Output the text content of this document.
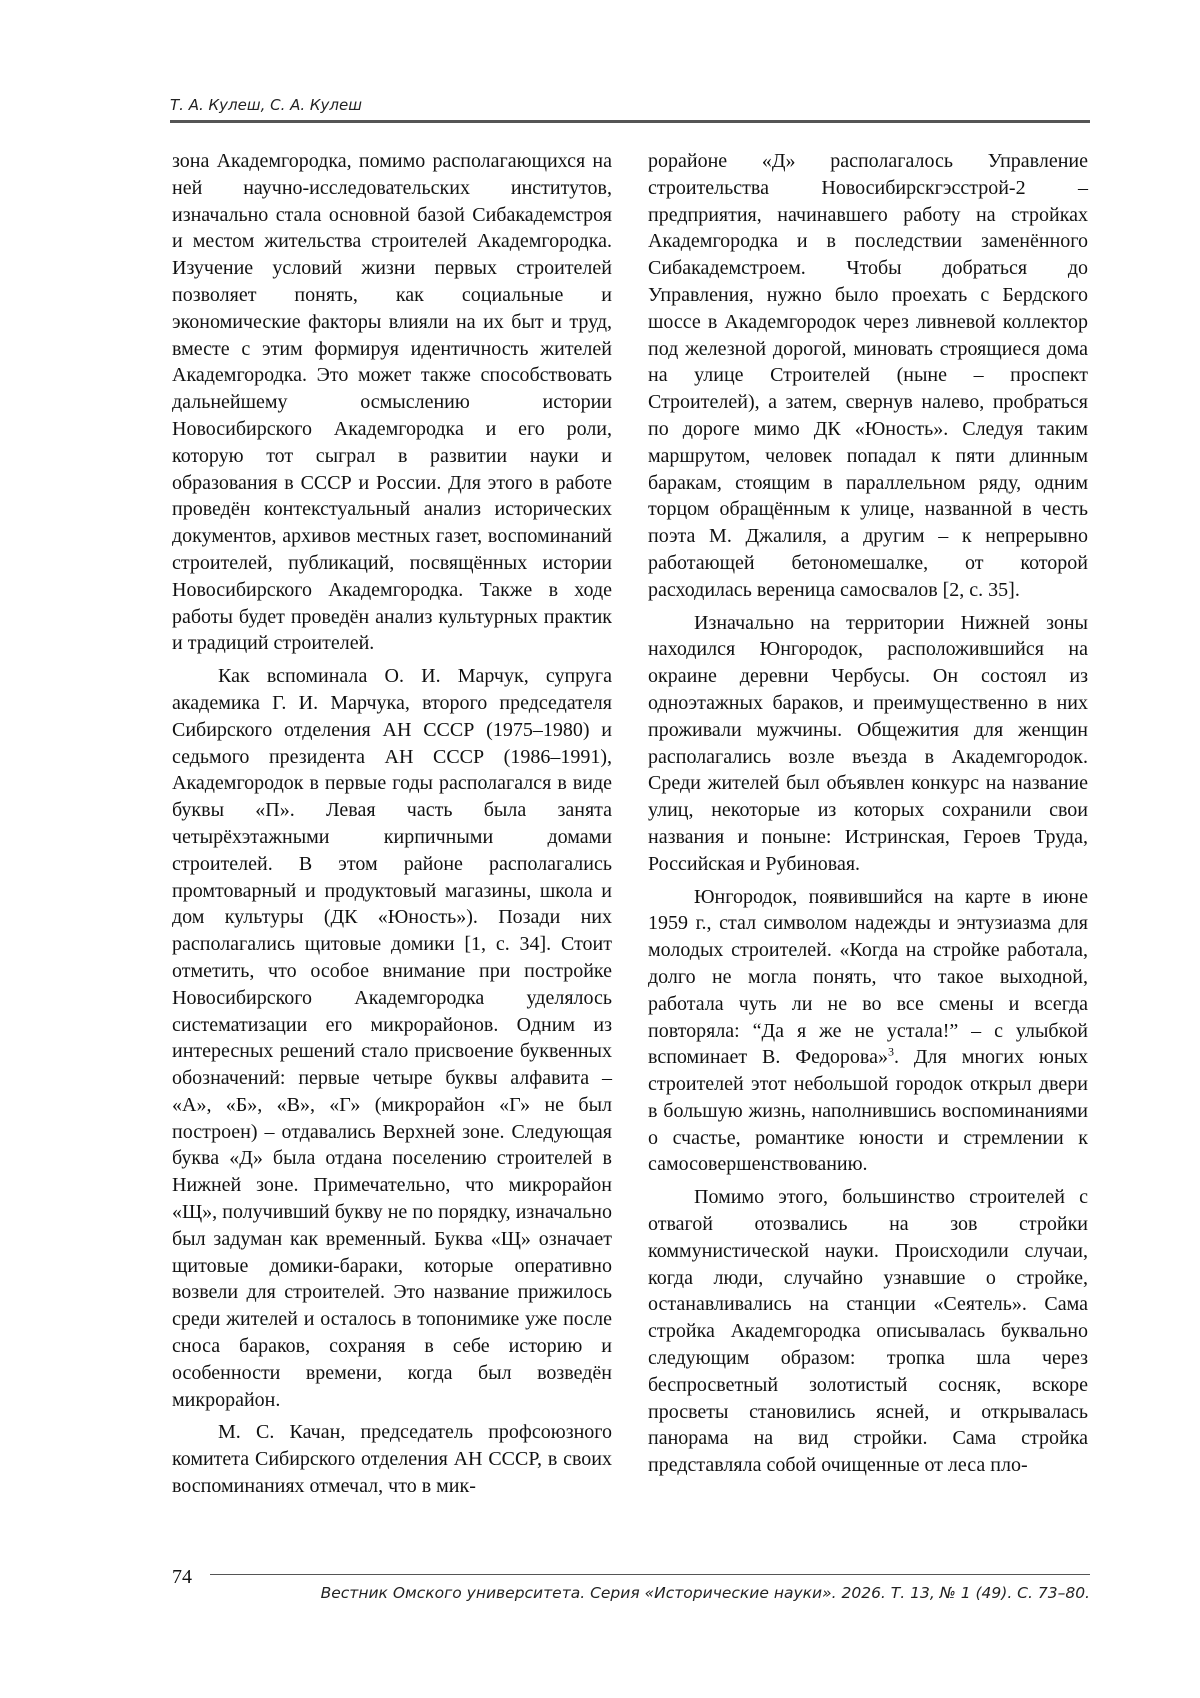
Т. А. Кулеш, С. А. Кулеш

зона Академгородка, помимо располагающихся на ней научно-исследовательских институтов, изначально стала основной базой Сибакадемстроя и местом жительства строителей Академгородка. Изучение условий жизни первых строителей позволяет понять, как социальные и экономические факторы влияли на их быт и труд, вместе с этим формируя идентичность жителей Академгородка. Это может также способствовать дальнейшему осмыслению истории Новосибирского Академгородка и его роли, которую тот сыграл в развитии науки и образования в СССР и России. Для этого в работе проведён контекстуальный анализ исторических документов, архивов местных газет, воспоминаний строителей, публикаций, посвящённых истории Новосибирского Академгородка. Также в ходе работы будет проведён анализ культурных практик и традиций строителей.

Как вспоминала О. И. Марчук, супруга академика Г. И. Марчука, второго председателя Сибирского отделения АН СССР (1975–1980) и седьмого президента АН СССР (1986–1991), Академгородок в первые годы располагался в виде буквы «П». Левая часть была занята четырёхэтажными кирпичными домами строителей. В этом районе располагались промтоварный и продуктовый магазины, школа и дом культуры (ДК «Юность»). Позади них располагались щитовые домики [1, с. 34]. Стоит отметить, что особое внимание при постройке Новосибирского Академгородка уделялось систематизации его микрорайонов. Одним из интересных решений стало присвоение буквенных обозначений: первые четыре буквы алфавита – «А», «Б», «В», «Г» (микрорайон «Г» не был построен) – отдавались Верхней зоне. Следующая буква «Д» была отдана поселению строителей в Нижней зоне. Примечательно, что микрорайон «Щ», получивший букву не по порядку, изначально был задуман как временный. Буква «Щ» означает щитовые домики-бараки, которые оперативно возвели для строителей. Это название прижилось среди жителей и осталось в топонимике уже после сноса бараков, сохраняя в себе историю и особенности времени, когда был возведён микрорайон.

М. С. Качан, председатель профсоюзного комитета Сибирского отделения АН СССР, в своих воспоминаниях отмечал, что в мик-

рорайоне «Д» располагалось Управление строительства Новосибирскгэсстрой-2 – предприятия, начинавшего работу на стройках Академгородка и в последствии заменённого Сибакадемстроем. Чтобы добраться до Управления, нужно было проехать с Бердского шоссе в Академгородок через ливневой коллектор под железной дорогой, миновать строящиеся дома на улице Строителей (ныне – проспект Строителей), а затем, свернув налево, пробраться по дороге мимо ДК «Юность». Следуя таким маршрутом, человек попадал к пяти длинным баракам, стоящим в параллельном ряду, одним торцом обращённым к улице, названной в честь поэта М. Джалиля, а другим – к непрерывно работающей бетономешалке, от которой расходилась вереница самосвалов [2, с. 35].

Изначально на территории Нижней зоны находился Юнгородок, расположившийся на окраине деревни Чербусы. Он состоял из одноэтажных бараков, и преимущественно в них проживали мужчины. Общежития для женщин располагались возле въезда в Академгородок. Среди жителей был объявлен конкурс на название улиц, некоторые из которых сохранили свои названия и поныне: Истринская, Героев Труда, Российская и Рубиновая.

Юнгородок, появившийся на карте в июне 1959 г., стал символом надежды и энтузиазма для молодых строителей. «Когда на стройке работала, долго не могла понять, что такое выходной, работала чуть ли не во все смены и всегда повторяла: “Да я же не устала!” – с улыбкой вспоминает В. Федорова»$^3$. Для многих юных строителей этот небольшой городок открыл двери в большую жизнь, наполнившись воспоминаниями о счастье, романтике юности и стремлении к самосовершенствованию.

Помимо этого, большинство строителей с отвагой отозвались на зов стройки коммунистической науки. Происходили случаи, когда люди, случайно узнавшие о стройке, останавливались на станции «Сеятель». Сама стройка Академгородка описывалась буквально следующим образом: тропка шла через беспросветный золотистый сосняк, вскоре просветы становились ясней, и открывалась панорама на вид стройки. Сама стройка представляла собой очищенные от леса пло-

74
Вестник Омского университета. Серия «Исторические науки». 2026. Т. 13, № 1 (49). С. 73–80.
